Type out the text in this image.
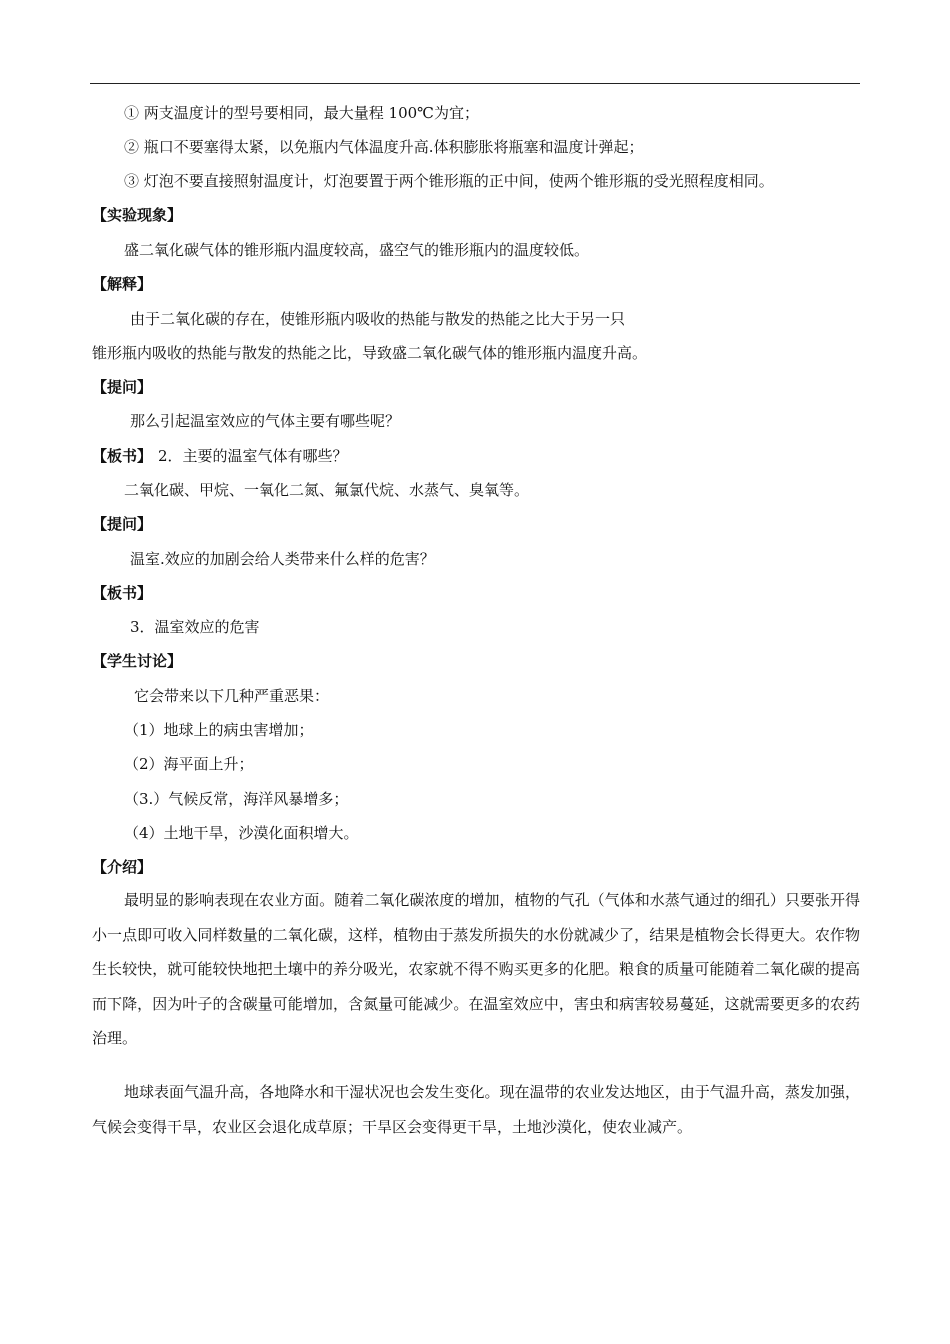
① 两支温度计的型号要相同，最大量程 100℃为宜；
② 瓶口不要塞得太紧，以免瓶内气体温度升高.体积膨胀将瓶塞和温度计弹起；
③ 灯泡不要直接照射温度计，灯泡要置于两个锥形瓶的正中间，使两个锥形瓶的受光照程度相同。
【实验现象】
盛二氧化碳气体的锥形瓶内温度较高，盛空气的锥形瓶内的温度较低。
【解释】
由于二氧化碳的存在，使锥形瓶内吸收的热能与散发的热能之比大于另一只
锥形瓶内吸收的热能与散发的热能之比，导致盛二氧化碳气体的锥形瓶内温度升高。
【提问】
那么引起温室效应的气体主要有哪些呢？
【板书】 2．主要的温室气体有哪些？
二氧化碳、甲烷、一氧化二氮、氟氯代烷、水蒸气、臭氧等。
【提问】
温室.效应的加剧会给人类带来什么样的危害？
【板书】
3．温室效应的危害
【学生讨论】
它会带来以下几种严重恶果：
（1）地球上的病虫害增加；
（2）海平面上升；
（3.）气候反常，海洋风暴增多；
（4）土地干旱，沙漠化面积增大。
【介绍】
最明显的影响表现在农业方面。随着二氧化碳浓度的增加，植物的气孔（气体和水蒸气通过的细孔）只要张开得小一点即可收入同样数量的二氧化碳，这样，植物由于蒸发所损失的水份就减少了，结果是植物会长得更大。农作物生长较快，就可能较快地把土壤中的养分吸光，农家就不得不购买更多的化肥。粮食的质量可能随着二氧化碳的提高而下降，因为叶子的含碳量可能增加，含氮量可能减少。在温室效应中，害虫和病害较易蔓延，这就需要更多的农药治理。
地球表面气温升高，各地降水和干湿状况也会发生变化。现在温带的农业发达地区，由于气温升高，蒸发加强，气候会变得干旱，农业区会退化成草原；干旱区会变得更干旱，土地沙漠化，使农业减产。
